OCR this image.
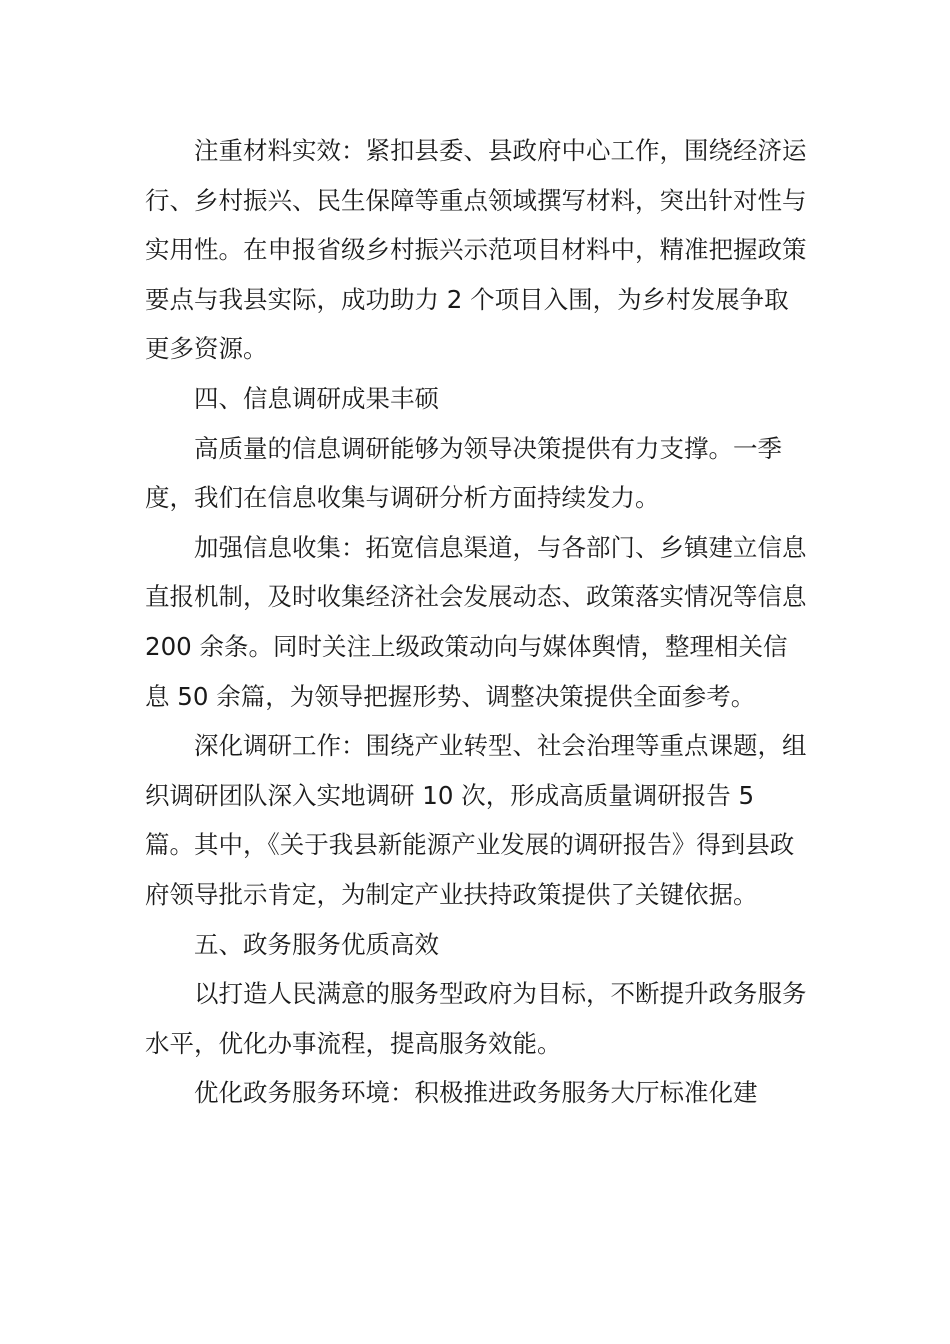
注重材料实效：紧扣县委、县政府中心工作，围绕经济运行、乡村振兴、民生保障等重点领域撰写材料，突出针对性与实用性。在申报省级乡村振兴示范项目材料中，精准把握政策要点与我县实际，成功助力 2 个项目入围，为乡村发展争取更多资源。

四、信息调研成果丰硕

高质量的信息调研能够为领导决策提供有力支撑。一季度，我们在信息收集与调研分析方面持续发力。

加强信息收集：拓宽信息渠道，与各部门、乡镇建立信息直报机制，及时收集经济社会发展动态、政策落实情况等信息 200 余条。同时关注上级政策动向与媒体舆情，整理相关信息 50 余篇，为领导把握形势、调整决策提供全面参考。

深化调研工作：围绕产业转型、社会治理等重点课题，组织调研团队深入实地调研 10 次，形成高质量调研报告 5 篇。其中，《关于我县新能源产业发展的调研报告》得到县政府领导批示肯定，为制定产业扶持政策提供了关键依据。

五、政务服务优质高效

以打造人民满意的服务型政府为目标，不断提升政务服务水平，优化办事流程，提高服务效能。

优化政务服务环境：积极推进政务服务大厅标准化建
